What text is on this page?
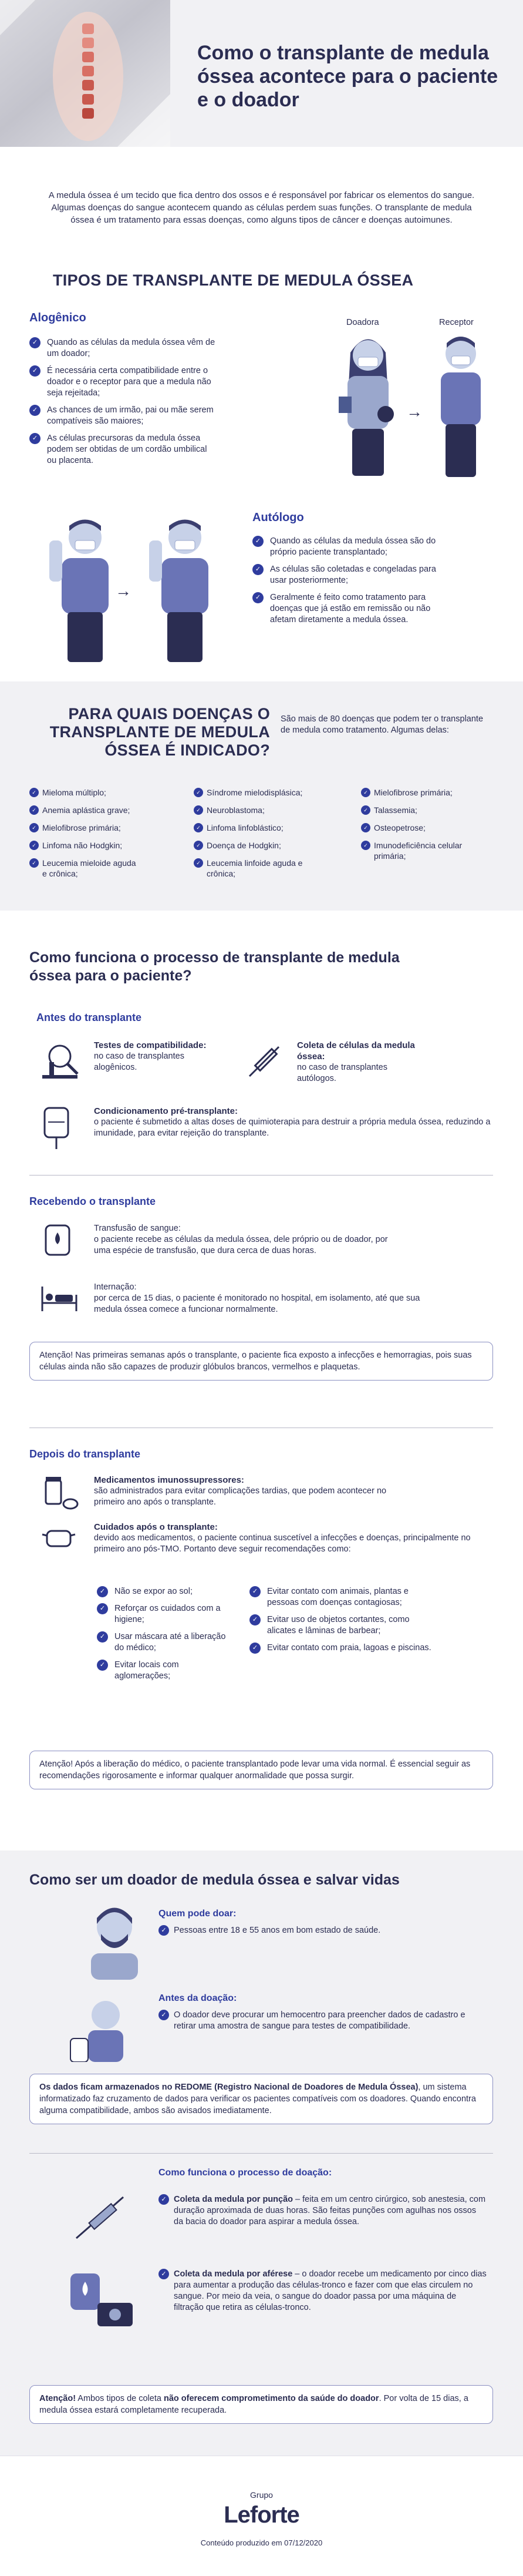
Como o transplante de medula óssea acontece para o paciente e o doador

A medula óssea é um tecido que fica dentro dos ossos e é responsável por fabricar os elementos do sangue. Algumas doenças do sangue acontecem quando as células perdem suas funções. O transplante de medula óssea é um tratamento para essas doenças, como alguns tipos de câncer e doenças autoimunes.

TIPOS DE TRANSPLANTE DE MEDULA ÓSSEA
Alogênico
✓	Quando as células da medula óssea vêm de um doador;
✓	É necessária certa compatibilidade entre o doador e o receptor para que a medula não seja rejeitada;
✓	As chances de um irmão, pai ou mãe serem compatíveis são maiores;
✓	As células precursoras da medula óssea podem ser obtidas de um cordão umbilical ou placenta.
Doadora	Receptor
→
→
Autólogo
✓	Quando as células da medula óssea são do próprio paciente transplantado;
✓	As células são coletadas e congeladas para usar posteriormente;
✓	Geralmente é feito como tratamento para doenças que já estão em remissão ou não afetam diretamente a medula óssea.
PARA QUAIS DOENÇAS O TRANSPLANTE DE MEDULA ÓSSEA É INDICADO?

São mais de 80 doenças que podem ter o transplante de medula como tratamento. Algumas delas:

✓ Mieloma múltiplo;
✓ Anemia aplástica grave;
✓ Mielofibrose primária;
✓ Linfoma não Hodgkin;
✓ Leucemia mieloide aguda e crônica;
✓ Síndrome mielodisplásica;
✓ Neuroblastoma;
✓ Linfoma linfoblástico;
✓ Doença de Hodgkin;
✓ Leucemia linfoide aguda e crônica;
✓ Mielofibrose primária;
✓ Talassemia;
✓ Osteopetrose;
✓ Imunodeficiência celular primária;
Como funciona o processo de transplante de medula óssea para o paciente?
Antes do transplante
Testes de compatibilidade:
no caso de transplantes alogênicos.
Coleta de células da medula óssea:
no caso de transplantes autólogos.
Condicionamento pré-transplante:
o paciente é submetido a altas doses de quimioterapia para destruir a própria medula óssea, reduzindo a imunidade, para evitar rejeição do transplante.
Recebendo o transplante
Transfusão de sangue:
o paciente recebe as células da medula óssea, dele próprio ou de doador, por uma espécie de transfusão, que dura cerca de duas horas.
Internação:
por cerca de 15 dias, o paciente é monitorado no hospital, em isolamento, até que sua medula óssea comece a funcionar normalmente.
Atenção! Nas primeiras semanas após o transplante, o paciente fica exposto a infecções e hemorragias, pois suas células ainda não são capazes de produzir glóbulos brancos, vermelhos e plaquetas.
Depois do transplante
Medicamentos imunossupressores:
são administrados para evitar complicações tardias, que podem acontecer no primeiro ano após o transplante.
Cuidados após o transplante:
devido aos medicamentos, o paciente continua suscetível a infecções e doenças, principalmente no primeiro ano pós-TMO. Portanto deve seguir recomendações como:
✓	Não se expor ao sol;
✓	Reforçar os cuidados com a higiene;
✓	Usar máscara até a liberação do médico;
✓	Evitar locais com aglomerações;
✓	Evitar contato com animais, plantas e pessoas com doenças contagiosas;
✓	Evitar uso de objetos cortantes, como alicates e lâminas de barbear;
✓	Evitar contato com praia, lagoas e piscinas.
Atenção! Após a liberação do médico, o paciente transplantado pode levar uma vida normal. É essencial seguir as recomendações rigorosamente e informar qualquer anormalidade que possa surgir.
Como ser um doador de medula óssea e salvar vidas
Quem pode doar:
✓ Pessoas entre 18 e 55 anos em bom estado de saúde.
Antes da doação:
✓ O doador deve procurar um hemocentro para preencher dados de cadastro e retirar uma amostra de sangue para testes de compatibilidade.
Os dados ficam armazenados no REDOME (Registro Nacional de Doadores de Medula Óssea), um sistema informatizado faz cruzamento de dados para verificar os pacientes compatíveis com os doadores. Quando encontra alguma compatibilidade, ambos são avisados imediatamente.
Como funciona o processo de doação:
✓ Coleta da medula por punção – feita em um centro cirúrgico, sob anestesia, com duração aproximada de duas horas. São feitas punções com agulhas nos ossos da bacia do doador para aspirar a medula óssea.
✓ Coleta da medula por aférese – o doador recebe um medicamento por cinco dias para aumentar a produção das células-tronco e fazer com que elas circulem no sangue. Por meio da veia, o sangue do doador passa por uma máquina de filtração que retira as células-tronco.
Atenção! Ambos tipos de coleta não oferecem comprometimento da saúde do doador. Por volta de 15 dias, a medula óssea estará completamente recuperada.
Grupo
Leforte
Conteúdo produzido em 07/12/2020
